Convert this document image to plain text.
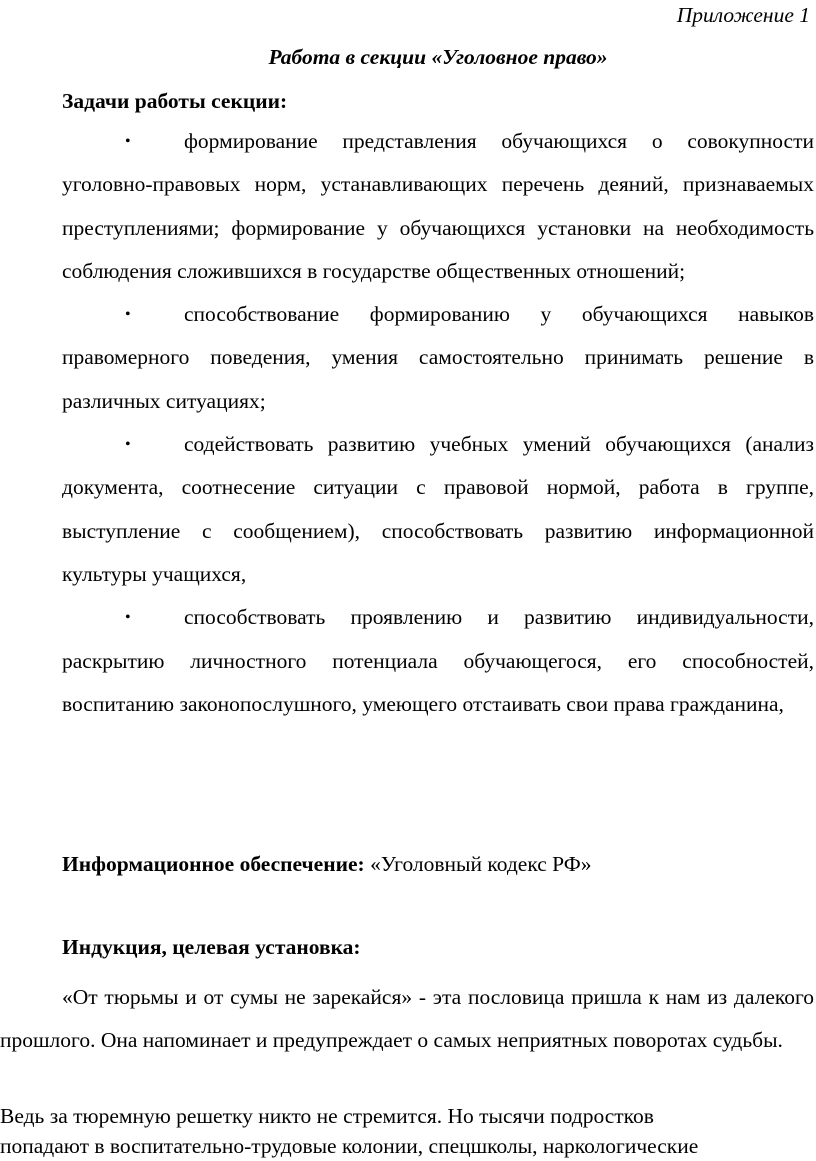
Приложение 1
Работа в секции «Уголовное право»
Задачи работы секции:
• формирование представления обучающихся о совокупности уголовно-правовых норм, устанавливающих перечень деяний, признаваемых преступлениями; формирование у обучающихся установки на необходимость соблюдения сложившихся в государстве общественных отношений;
• способствование формированию у обучающихся навыков правомерного поведения, умения самостоятельно принимать решение в различных ситуациях;
• содействовать развитию учебных умений обучающихся (анализ документа, соотнесение ситуации с правовой нормой, работа в группе, выступление с сообщением), способствовать развитию информационной культуры учащихся,
• способствовать проявлению и развитию индивидуальности, раскрытию личностного потенциала обучающегося, его способностей, воспитанию законопослушного, умеющего отстаивать свои права гражданина,
Информационное обеспечение: «Уголовный кодекс РФ»
Индукция, целевая установка:
«От тюрьмы и от сумы не зарекайся» - эта пословица пришла к нам из далекого прошлого. Она напоминает и предупреждает о самых неприятных поворотах судьбы.
Ведь за тюремную решетку никто не стремится. Но тысячи подростков
попадают в воспитательно-трудовые колонии, спецшколы, наркологические
